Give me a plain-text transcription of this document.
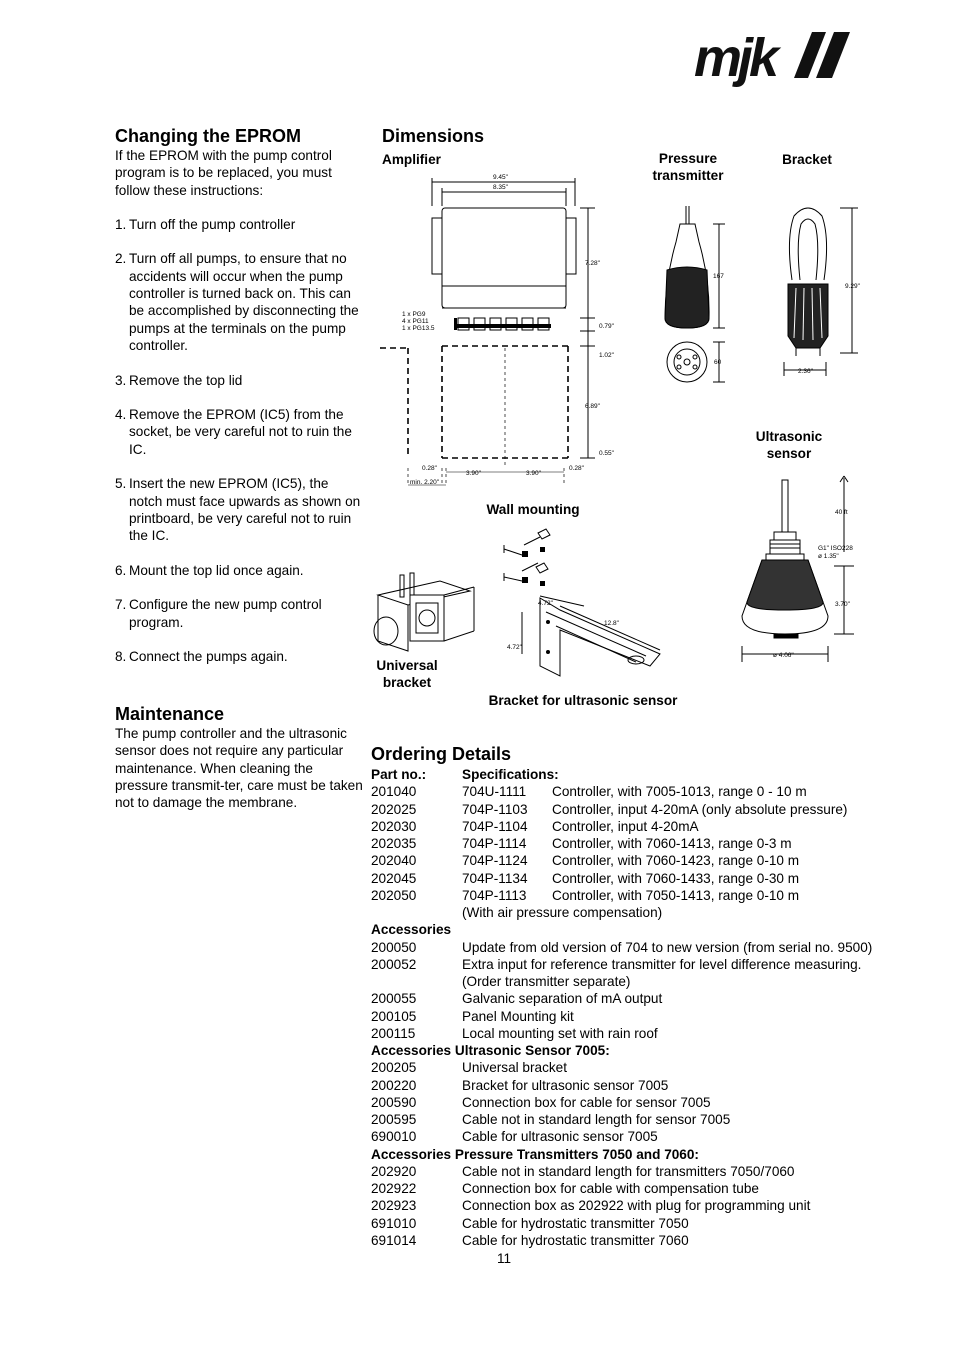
mjk
Changing the EPROM

If the EPROM with the pump control program is to be replaced, you must follow these instructions:

1. Turn off the pump controller
2. Turn off all pumps, to ensure that no accidents will occur when the pump controller is turned back on. This can be accomplished by disconnecting the pumps at the terminals on the pump controller.
3. Remove the top lid
4. Remove the EPROM (IC5) from the socket, be very careful not to ruin the IC.
5. Insert the new EPROM (IC5), the notch must face upwards as shown on printboard, be very careful not to ruin the IC.
6. Mount the top lid once again.
7. Configure the new pump control program.
8. Connect the pumps again.
Maintenance

The pump controller and the ultrasonic sensor does not require any particular maintenance. When cleaning the pressure transmit-ter, care must be taken not to damage the membrane.

Dimensions
Amplifier	Pressure transmitter
Bracket
Ultrasonic sensor
Wall mounting
Universal bracket
Bracket for ultrasonic sensor
9.45"
8.35"
7.28"
0.79"
1.02"
6.89"
0.55"
0.28"
3.90"	3.90"
0.28"
min. 2.20"
1 x PG9
4 x PG11
1 x PG13.5
167
60
9.29"
2.36"
40 ft
G1" ISO228
ø 1.35"
3.70"
ø 4.06"
4.72"
4.72"
12.8"
Ordering Details
Part no.:	Specifications:
201040	704U-1111	Controller, with 7005-1013, range 0 - 10 m
202025	704P-1103	Controller, input 4-20mA (only absolute pressure)
202030	704P-1104	Controller, input 4-20mA
202035	704P-1114	Controller, with 7060-1413, range 0-3 m
202040	704P-1124	Controller, with 7060-1423, range 0-10 m
202045	704P-1134	Controller, with 7060-1433, range 0-30 m
202050	704P-1113	Controller, with 7050-1413, range 0-10 m
(With air pressure compensation)
Accessories
200050	Update from old version of 704 to new version (from serial no. 9500)
200052	Extra input for reference transmitter for level difference measuring.
(Order transmitter separate)
200055	Galvanic separation of mA output
200105	Panel Mounting kit
200115	Local mounting set with rain roof
Accessories Ultrasonic Sensor 7005:
200205	Universal bracket
200220	Bracket for ultrasonic sensor 7005
200590	Connection box for cable for sensor 7005
200595	Cable not in standard length for sensor 7005
690010	Cable for ultrasonic sensor 7005
Accessories Pressure Transmitters 7050 and 7060:
202920	Cable not in standard length for transmitters 7050/7060
202922	Connection box for cable with compensation tube
202923	Connection box as 202922 with plug for programming unit
691010	Cable for hydrostatic transmitter 7050
691014	Cable for hydrostatic transmitter 7060
11
